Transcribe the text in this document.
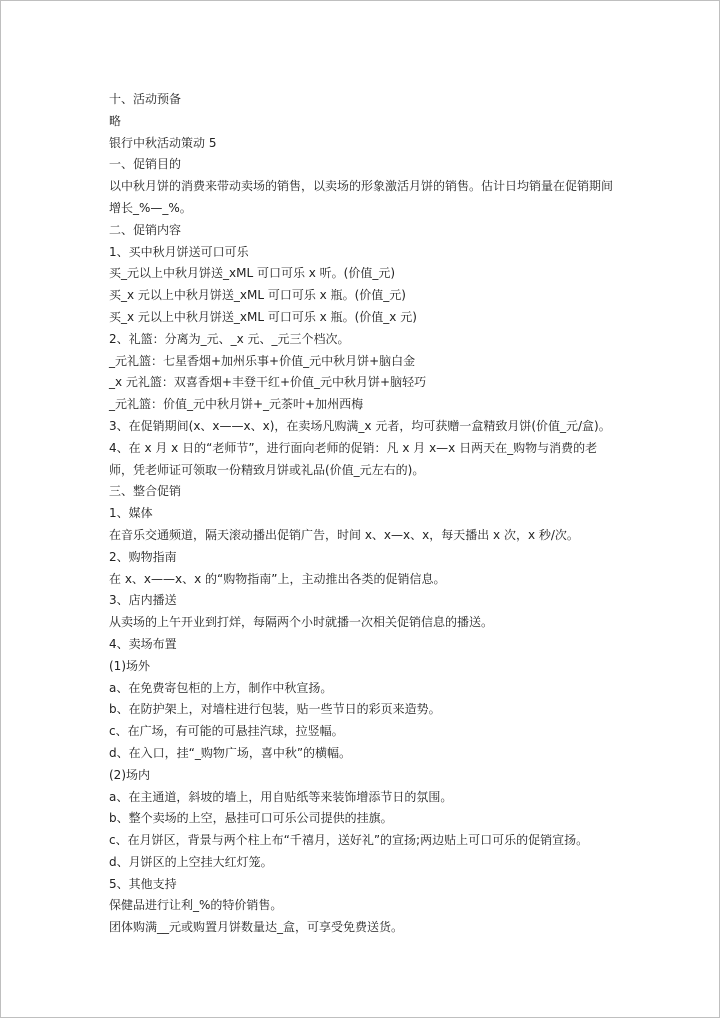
十、活动预备
略
银行中秋活动策动 5
一、促销目的
以中秋月饼的消费来带动卖场的销售，以卖场的形象激活月饼的销售。估计日均销量在促销期间增长_%—_%。
二、促销内容
1、买中秋月饼送可口可乐
买_元以上中秋月饼送_xML 可口可乐 x 听。(价值_元)
买_x 元以上中秋月饼送_xML 可口可乐 x 瓶。(价值_元)
买_x 元以上中秋月饼送_xML 可口可乐 x 瓶。(价值_x 元)
2、礼篮：分离为_元、_x 元、_元三个档次。
_元礼篮：七星香烟+加州乐事+价值_元中秋月饼+脑白金
_x 元礼篮：双喜香烟+丰登干红+价值_元中秋月饼+脑轻巧
_元礼篮：价值_元中秋月饼+_元茶叶+加州西梅
3、在促销期间(x、x——x、x)，在卖场凡购满_x 元者，均可获赠一盒精致月饼(价值_元/盒)。
4、在 x 月 x 日的“老师节”，进行面向老师的促销：凡 x 月 x—x 日两天在_购物与消费的老师，凭老师证可领取一份精致月饼或礼品(价值_元左右的)。
三、整合促销
1、媒体
在音乐交通频道，隔天滚动播出促销广告，时间 x、x—x、x，每天播出 x 次，x 秒/次。
2、购物指南
在 x、x——x、x 的“购物指南”上，主动推出各类的促销信息。
3、店内播送
从卖场的上午开业到打烊，每隔两个小时就播一次相关促销信息的播送。
4、卖场布置
(1)场外
a、在免费寄包柜的上方，制作中秋宣扬。
b、在防护架上，对墙柱进行包装，贴一些节日的彩页来造势。
c、在广场，有可能的可悬挂汽球，拉竖幅。
d、在入口，挂“_购物广场，喜中秋”的横幅。
(2)场内
a、在主通道，斜坡的墙上，用自贴纸等来装饰增添节日的氛围。
b、整个卖场的上空，悬挂可口可乐公司提供的挂旗。
c、在月饼区，背景与两个柱上布“千禧月，送好礼”的宣扬;两边贴上可口可乐的促销宣扬。
d、月饼区的上空挂大红灯笼。
5、其他支持
保健品进行让利_%的特价销售。
团体购满__元或购置月饼数量达_盒，可享受免费送货。
